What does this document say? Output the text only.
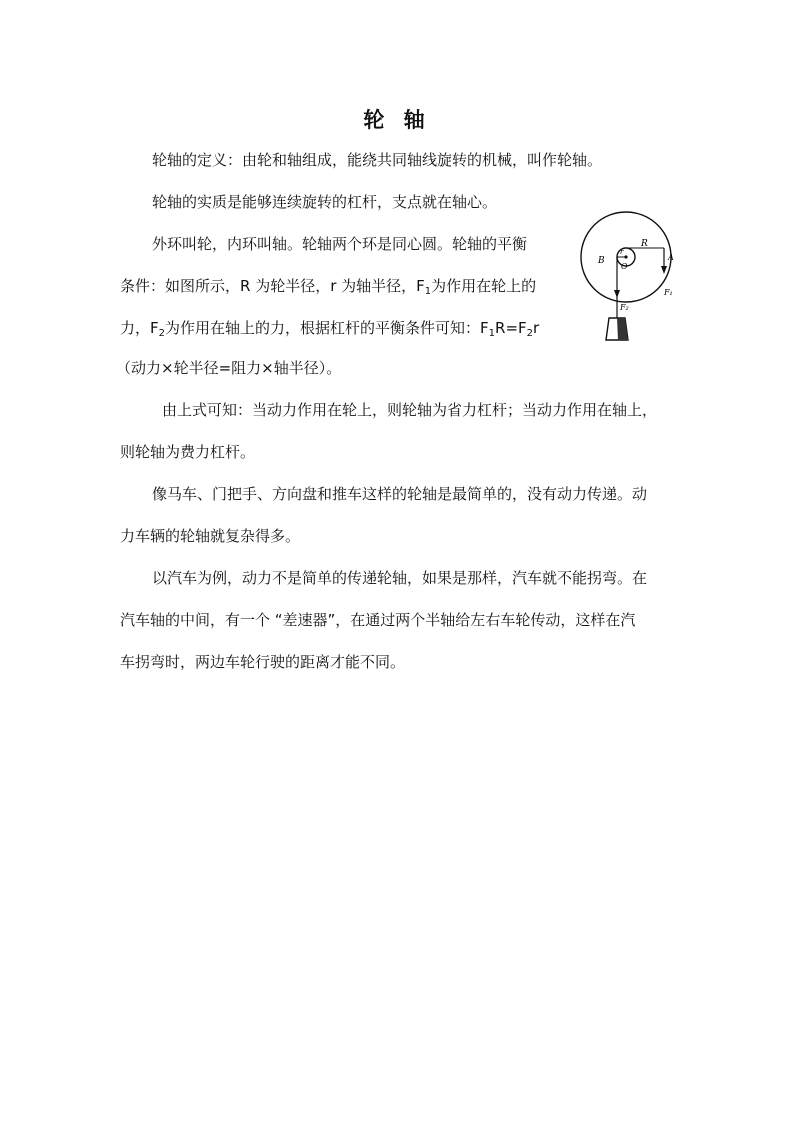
轮 轴
轮轴的定义：由轮和轴组成，能绕共同轴线旋转的机械，叫作轮轴。
轮轴的实质是能够连续旋转的杠杆，支点就在轴心。
外环叫轮，内环叫轴。轮轴两个环是同心圆。轮轴的平衡
条件：如图所示，R 为轮半径，r 为轴半径，$F_1$为作用在轮上的
力，$F_2$为作用在轴上的力，根据杠杆的平衡条件可知：$F_1R=F_2r$
（动力×轮半径=阻力×轴半径）。
由上式可知：当动力作用在轮上，则轮轴为省力杠杆；当动力作用在轴上，
则轮轴为费力杠杆。
像马车、门把手、方向盘和推车这样的轮轴是最简单的，没有动力传递。动
力车辆的轮轴就复杂得多。
以汽车为例，动力不是简单的传递轮轴，如果是那样，汽车就不能拐弯。在
汽车轴的中间，有一个 “差速器”，在通过两个半轴给左右车轮传动，这样在汽
车拐弯时，两边车轮行驶的距离才能不同。
B
O
r
R
A
F₁
F₂
